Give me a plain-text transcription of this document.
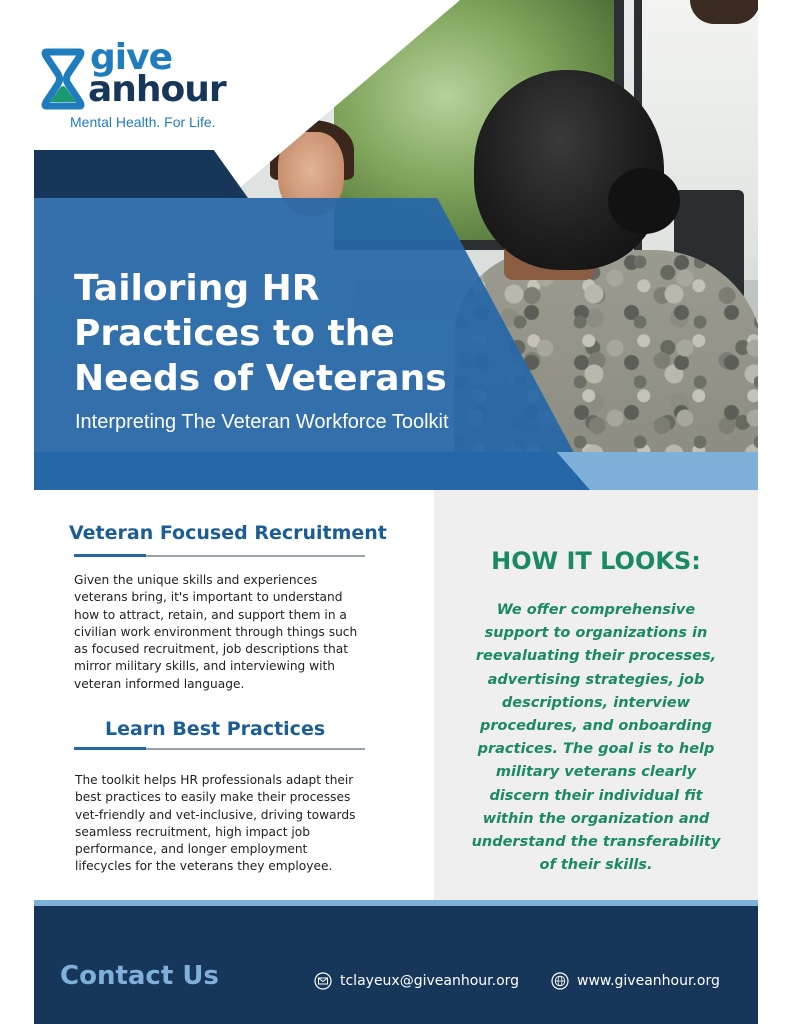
give
anhour
Mental Health. For Life.
Tailoring HR
Practices to the
Needs of Veterans
Interpreting The Veteran Workforce Toolkit
Veteran Focused Recruitment
Given the unique skills and experiences
veterans bring, it's important to understand
how to attract, retain, and support them in a
civilian work environment through things such
as focused recruitment, job descriptions that
mirror military skills, and interviewing with
veteran informed language.
Learn Best Practices
The toolkit helps HR professionals adapt their
best practices to easily make their processes
vet-friendly and vet-inclusive, driving towards
seamless recruitment, high impact job
performance, and longer employment
lifecycles for the veterans they employee.
HOW IT LOOKS:
We offer comprehensive
support to organizations in
reevaluating their processes,
advertising strategies, job
descriptions, interview
procedures, and onboarding
practices. The goal is to help
military veterans clearly
discern their individual fit
within the organization and
understand the transferability
of their skills.
Contact Us	tclayeux@giveanhour.org	www.giveanhour.org
